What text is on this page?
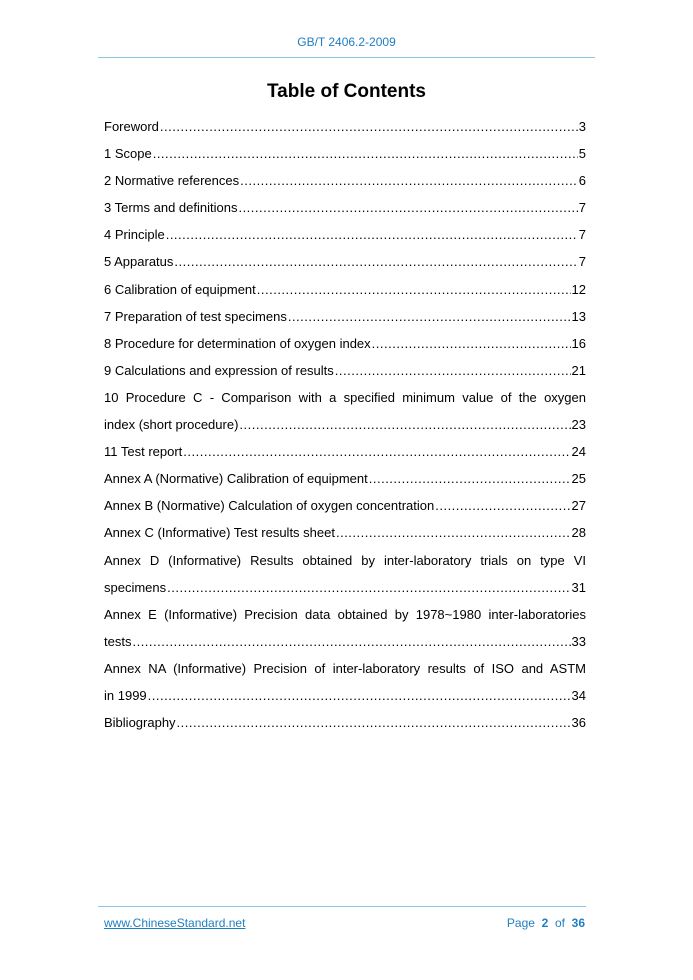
GB/T 2406.2-2009
Table of Contents
Foreword .....	3
1 Scope .....	5
2 Normative references .....	6
3 Terms and definitions .....	7
4 Principle .....	7
5 Apparatus .....	7
6 Calibration of equipment .....	12
7 Preparation of test specimens .....	13
8 Procedure for determination of oxygen index .....	16
9 Calculations and expression of results .....	21
10 Procedure C - Comparison with a specified minimum value of the oxygen
index (short procedure) .....	23
11 Test report .....	24
Annex A (Normative) Calibration of equipment .....	25
Annex B (Normative) Calculation of oxygen concentration .....	27
Annex C (Informative) Test results sheet .....	28
Annex D (Informative) Results obtained by inter-laboratory trials on type VI
specimens .....	31
Annex E (Informative) Precision data obtained by 1978~1980 inter-laboratories
tests .....	33
Annex NA (Informative) Precision of inter-laboratory results of ISO and ASTM
in 1999 .....	34
Bibliography .....	36
www.ChineseStandard.net	Page 2 of 36
